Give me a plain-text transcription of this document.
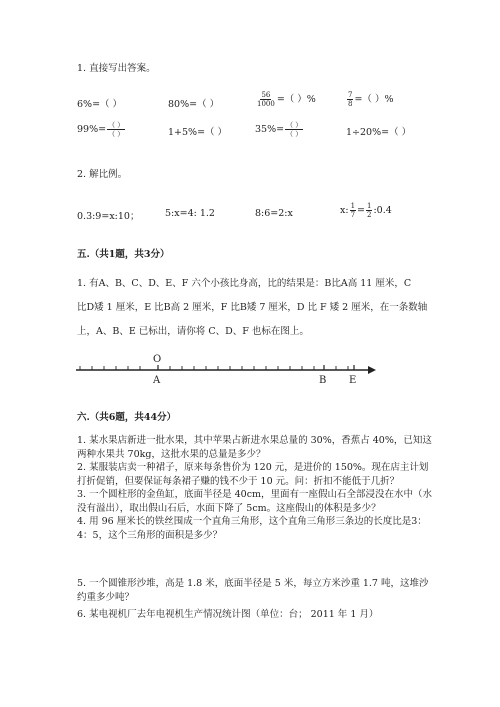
1. 直接写出答案。
6%=（ ）	80%=（ ）	$\frac{56}{1000}$ =（ ）%	$\frac{7}{8}$ =（ ）%
$99\%= \frac{( )}{( )}$	1+5%=（ ）	$35\%= \frac{( )}{( )}$	1÷20%=（ ）
2. 解比例。
0.3:9=x:10；	5:x=4: 1.2	8:6=2:x	x: $\frac{1}{7} = \frac{1}{2}$ :0.4
五.（共1题，共3分）
1. 有A、B、C、D、E、F 六个小孩比身高，比的结果是：B比A高 11 厘米，C
比D矮 1 厘米，E 比B高 2 厘米，F 比B矮 7 厘米，D 比 F 矮 2 厘米，在一条数轴
上，A、B、E 已标出，请你将 C、D、F 也标在图上。
O
A	B E
六.（共6题，共44分）
1. 某水果店新进一批水果，其中苹果占新进水果总量的 30%，香蕉占 40%，已知这两种水果共 70kg，这批水果的总量是多少？
2. 某服装店卖一种裙子，原来每条售价为 120 元，是进价的 150%。现在店主计划打折促销，但要保证每条裙子赚的钱不少于 10 元。问：折扣不能低于几折？
3. 一个圆柱形的金鱼缸，底面半径是 40cm，里面有一座假山石全部浸没在水中（水没有溢出），取出假山石后，水面下降了 5cm。这座假山的体积是多少？
4. 用 96 厘米长的铁丝围成一个直角三角形，这个直角三角形三条边的长度比是3：4：5，这个三角形的面积是多少？
5. 一个圆锥形沙堆，高是 1.8 米，底面半径是 5 米，每立方米沙重 1.7 吨，这堆沙约重多少吨？
6. 某电视机厂去年电视机生产情况统计图（单位：台； 2011 年 1 月）
